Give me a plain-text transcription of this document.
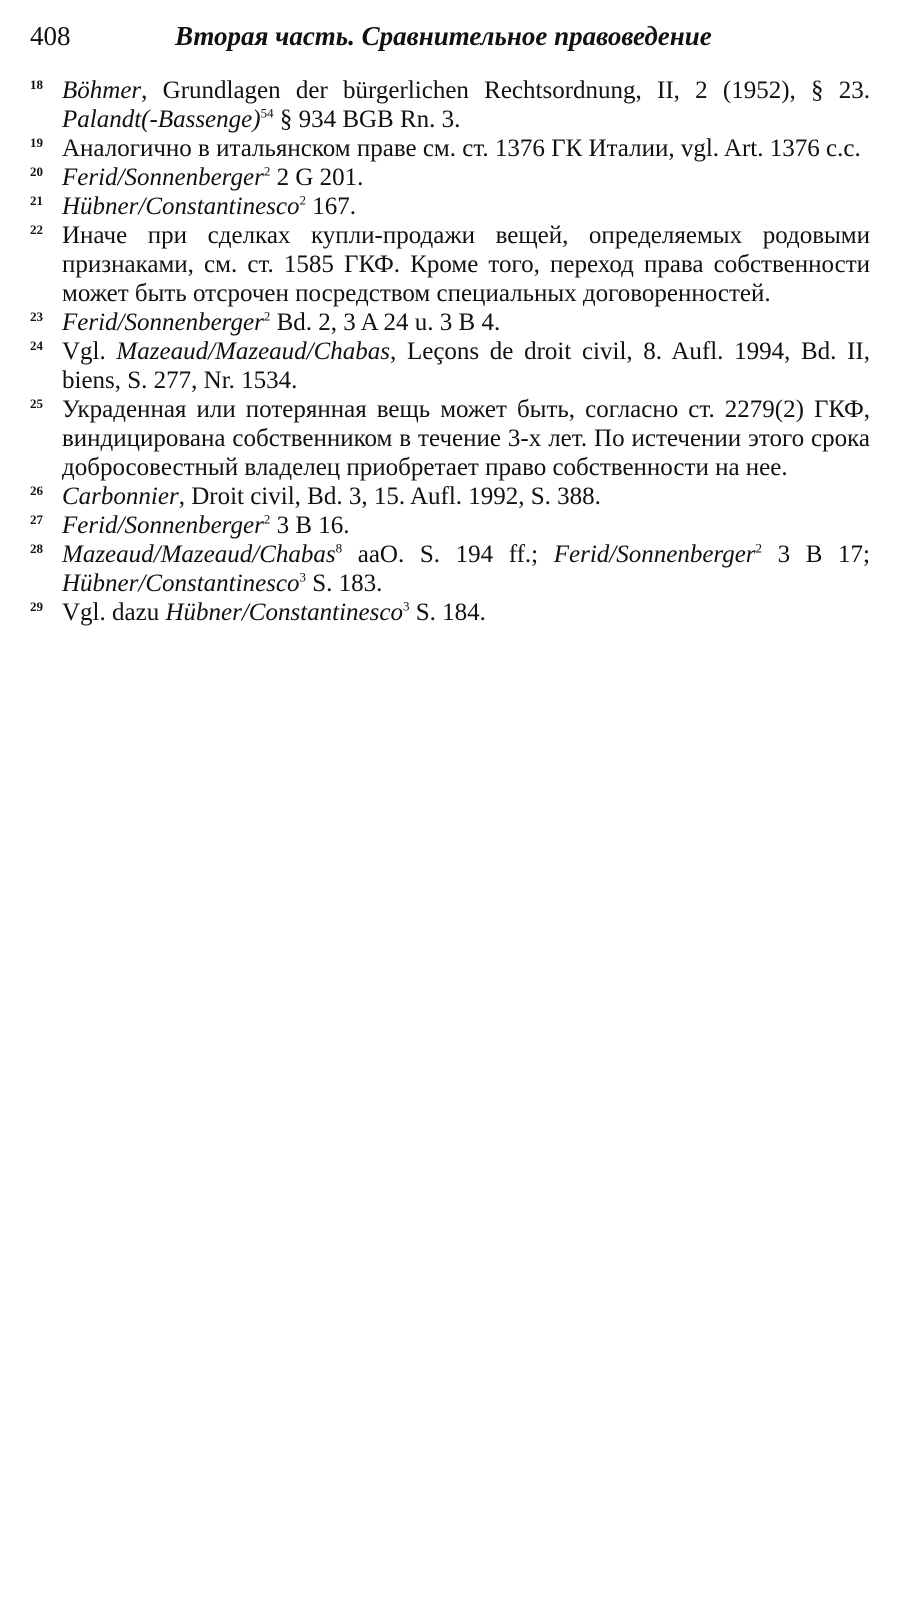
408	Вторая часть. Сравнительное правоведение
18 Böhmer, Grundlagen der bürgerlichen Rechtsordnung, II, 2 (1952), § 23. Palandt(-Bassenge)$^{54}$ § 934 BGB Rn. 3.
19 Аналогично в итальянском праве см. ст. 1376 ГК Италии, vgl. Art. 1376 c.c.
20 Ferid/Sonnenberger$^2$ 2 G 201.
21 Hübner/Constantinesco$^2$ 167.
22 Иначе при сделках купли-продажи вещей, определяемых родовыми признаками, см. ст. 1585 ГКФ. Кроме того, переход права собственности может быть отсрочен посредством специальных договоренностей.
23 Ferid/Sonnenberger$^2$ Bd. 2, 3 A 24 u. 3 B 4.
24 Vgl. Mazeaud/Mazeaud/Chabas, Leçons de droit civil, 8. Aufl. 1994, Bd. II, biens, S. 277, Nr. 1534.
25 Украденная или потерянная вещь может быть, согласно ст. 2279(2) ГКФ, виндицирована собственником в течение 3-х лет. По истечении этого срока добросовестный владелец приобретает право собственности на нее.
26 Carbonnier, Droit civil, Bd. 3, 15. Aufl. 1992, S. 388.
27 Ferid/Sonnenberger$^2$ 3 B 16.
28 Mazeaud/Mazeaud/Chabas$^8$ aaO. S. 194 ff.; Ferid/Sonnenberger$^2$ 3 B 17; Hübner/Constantinesco$^3$ S. 183.
29 Vgl. dazu Hübner/Constantinesco$^3$ S. 184.
